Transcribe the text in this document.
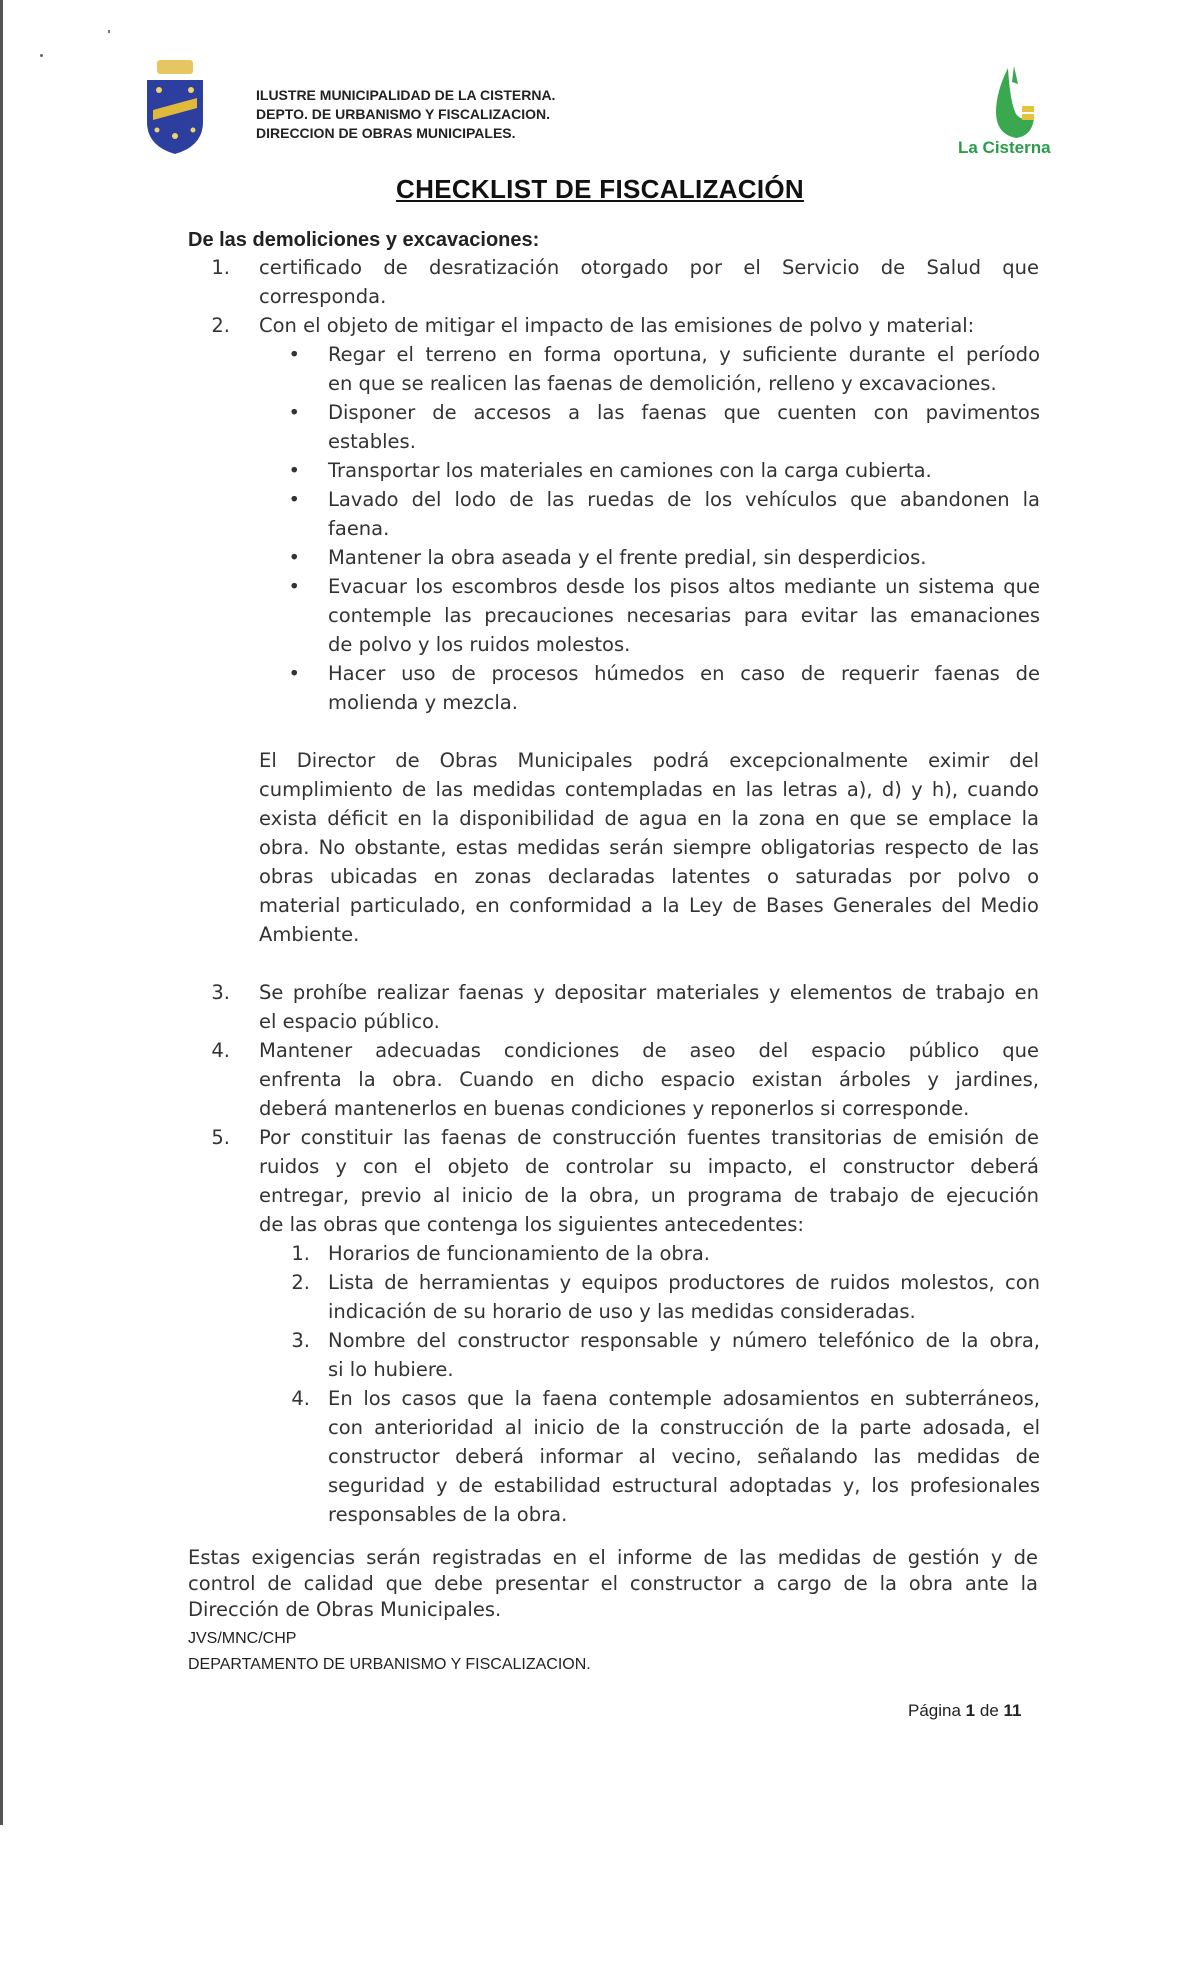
ILUSTRE MUNICIPALIDAD DE LA CISTERNA.
DEPTO. DE URBANISMO Y FISCALIZACION.
DIRECCION DE OBRAS MUNICIPALES.
La Cisterna
CHECKLIST DE FISCALIZACIÓN
De las demoliciones y excavaciones:
1. certificado de desratización otorgado por el Servicio de Salud que
corresponda.
2. Con el objeto de mitigar el impacto de las emisiones de polvo y material:
• Regar el terreno en forma oportuna, y suficiente durante el período
en que se realicen las faenas de demolición, relleno y excavaciones.
• Disponer de accesos a las faenas que cuenten con pavimentos
estables.
• Transportar los materiales en camiones con la carga cubierta.
• Lavado del lodo de las ruedas de los vehículos que abandonen la
faena.
• Mantener la obra aseada y el frente predial, sin desperdicios.
• Evacuar los escombros desde los pisos altos mediante un sistema que
contemple las precauciones necesarias para evitar las emanaciones
de polvo y los ruidos molestos.
• Hacer uso de procesos húmedos en caso de requerir faenas de
molienda y mezcla.
El Director de Obras Municipales podrá excepcionalmente eximir del
cumplimiento de las medidas contempladas en las letras a), d) y h), cuando
exista déficit en la disponibilidad de agua en la zona en que se emplace la
obra. No obstante, estas medidas serán siempre obligatorias respecto de las
obras ubicadas en zonas declaradas latentes o saturadas por polvo o
material particulado, en conformidad a la Ley de Bases Generales del Medio
Ambiente.
3. Se prohíbe realizar faenas y depositar materiales y elementos de trabajo en
el espacio público.
4. Mantener adecuadas condiciones de aseo del espacio público que
enfrenta la obra. Cuando en dicho espacio existan árboles y jardines,
deberá mantenerlos en buenas condiciones y reponerlos si corresponde.
5. Por constituir las faenas de construcción fuentes transitorias de emisión de
ruidos y con el objeto de controlar su impacto, el constructor deberá
entregar, previo al inicio de la obra, un programa de trabajo de ejecución
de las obras que contenga los siguientes antecedentes:
1. Horarios de funcionamiento de la obra.
2. Lista de herramientas y equipos productores de ruidos molestos, con
indicación de su horario de uso y las medidas consideradas.
3. Nombre del constructor responsable y número telefónico de la obra,
si lo hubiere.
4. En los casos que la faena contemple adosamientos en subterráneos,
con anterioridad al inicio de la construcción de la parte adosada, el
constructor deberá informar al vecino, señalando las medidas de
seguridad y de estabilidad estructural adoptadas y, los profesionales
responsables de la obra.
Estas exigencias serán registradas en el informe de las medidas de gestión y de
control de calidad que debe presentar el constructor a cargo de la obra ante la
Dirección de Obras Municipales.
JVS/MNC/CHP
DEPARTAMENTO DE URBANISMO Y FISCALIZACION.
Página 1 de 11
